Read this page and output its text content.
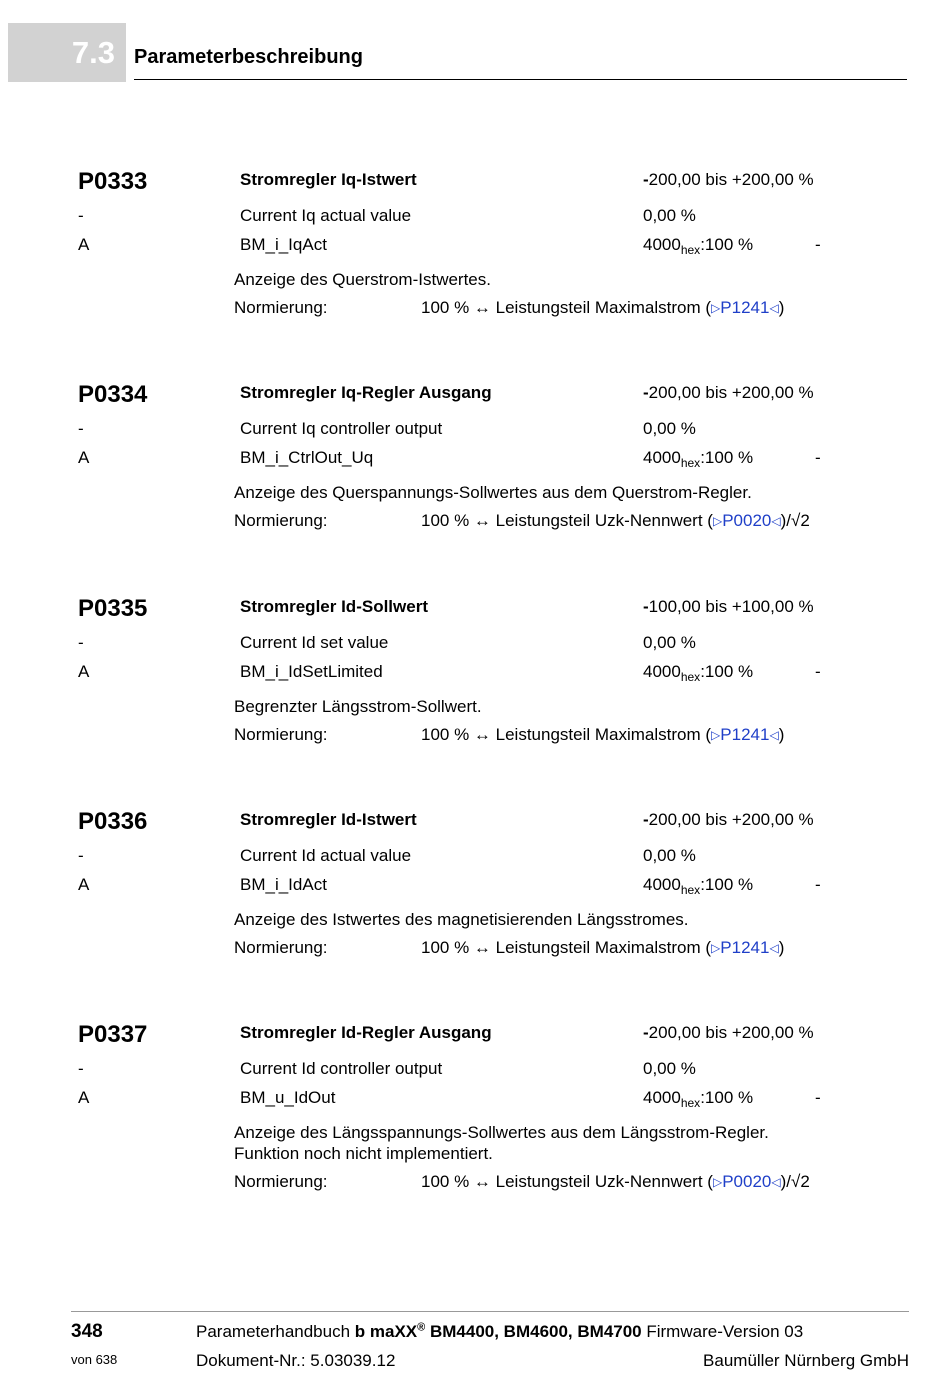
7.3 Parameterbeschreibung
P0333	Stromregler Iq-Istwert	-200,00 bis +200,00 %
-	Current Iq actual value	0,00 %
A	BM_i_IqAct	$4000_{hex}:100$ %	-
Anzeige des Querstrom-Istwertes.
Normierung:	100 % ↔ Leistungsteil Maximalstrom (▷P1241◁)
P0334	Stromregler Iq-Regler Ausgang	-200,00 bis +200,00 %
-	Current Iq controller output	0,00 %
A	BM_i_CtrlOut_Uq	$4000_{hex}:100$ %	-
Anzeige des Querspannungs-Sollwertes aus dem Querstrom-Regler.
Normierung:	100 % ↔ Leistungsteil Uzk-Nennwert (▷P0020◁)/√2
P0335	Stromregler Id-Sollwert	-100,00 bis +100,00 %
-	Current Id set value	0,00 %
A	BM_i_IdSetLimited	$4000_{hex}:100$ %	-
Begrenzter Längsstrom-Sollwert.
Normierung:	100 % ↔ Leistungsteil Maximalstrom (▷P1241◁)
P0336	Stromregler Id-Istwert	-200,00 bis +200,00 %
-	Current Id actual value	0,00 %
A	BM_i_IdAct	$4000_{hex}:100$ %	-
Anzeige des Istwertes des magnetisierenden Längsstromes.
Normierung:	100 % ↔ Leistungsteil Maximalstrom (▷P1241◁)
P0337	Stromregler Id-Regler Ausgang	-200,00 bis +200,00 %
-	Current Id controller output	0,00 %
A	BM_u_IdOut	$4000_{hex}:100$ %	-
Anzeige des Längsspannungs-Sollwertes aus dem Längsstrom-Regler.
Funktion noch nicht implementiert.
Normierung:	100 % ↔ Leistungsteil Uzk-Nennwert (▷P0020◁)/√2
348
von 638
Parameterhandbuch b maXX® BM4400, BM4600, BM4700 Firmware-Version 03
Dokument-Nr.: 5.03039.12	Baumüller Nürnberg GmbH
